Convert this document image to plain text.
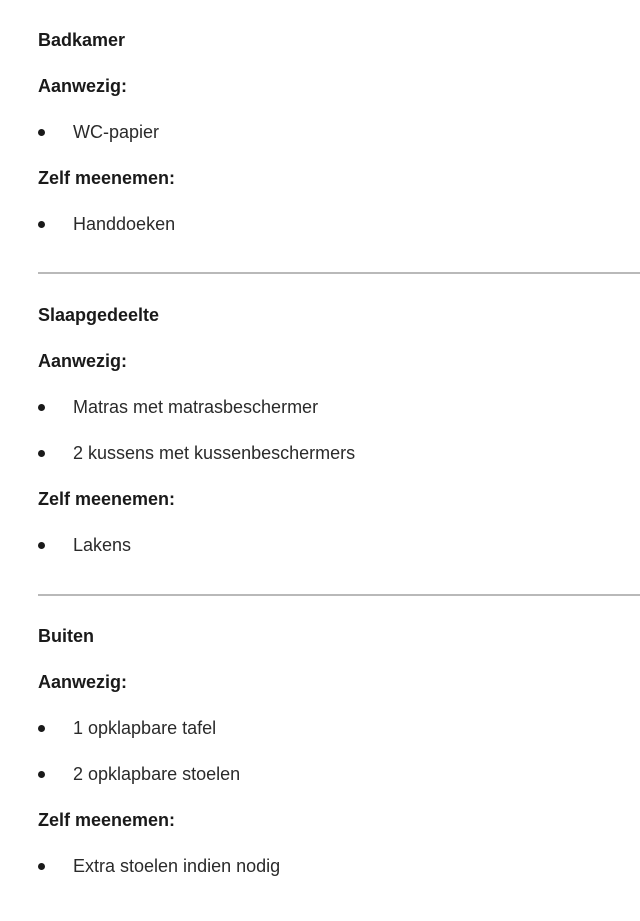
Badkamer
Aanwezig:
WC-papier
Zelf meenemen:
Handdoeken
Slaapgedeelte
Aanwezig:
Matras met matrasbeschermer
2 kussens met kussenbeschermers
Zelf meenemen:
Lakens
Buiten
Aanwezig:
1 opklapbare tafel
2 opklapbare stoelen
Zelf meenemen:
Extra stoelen indien nodig
